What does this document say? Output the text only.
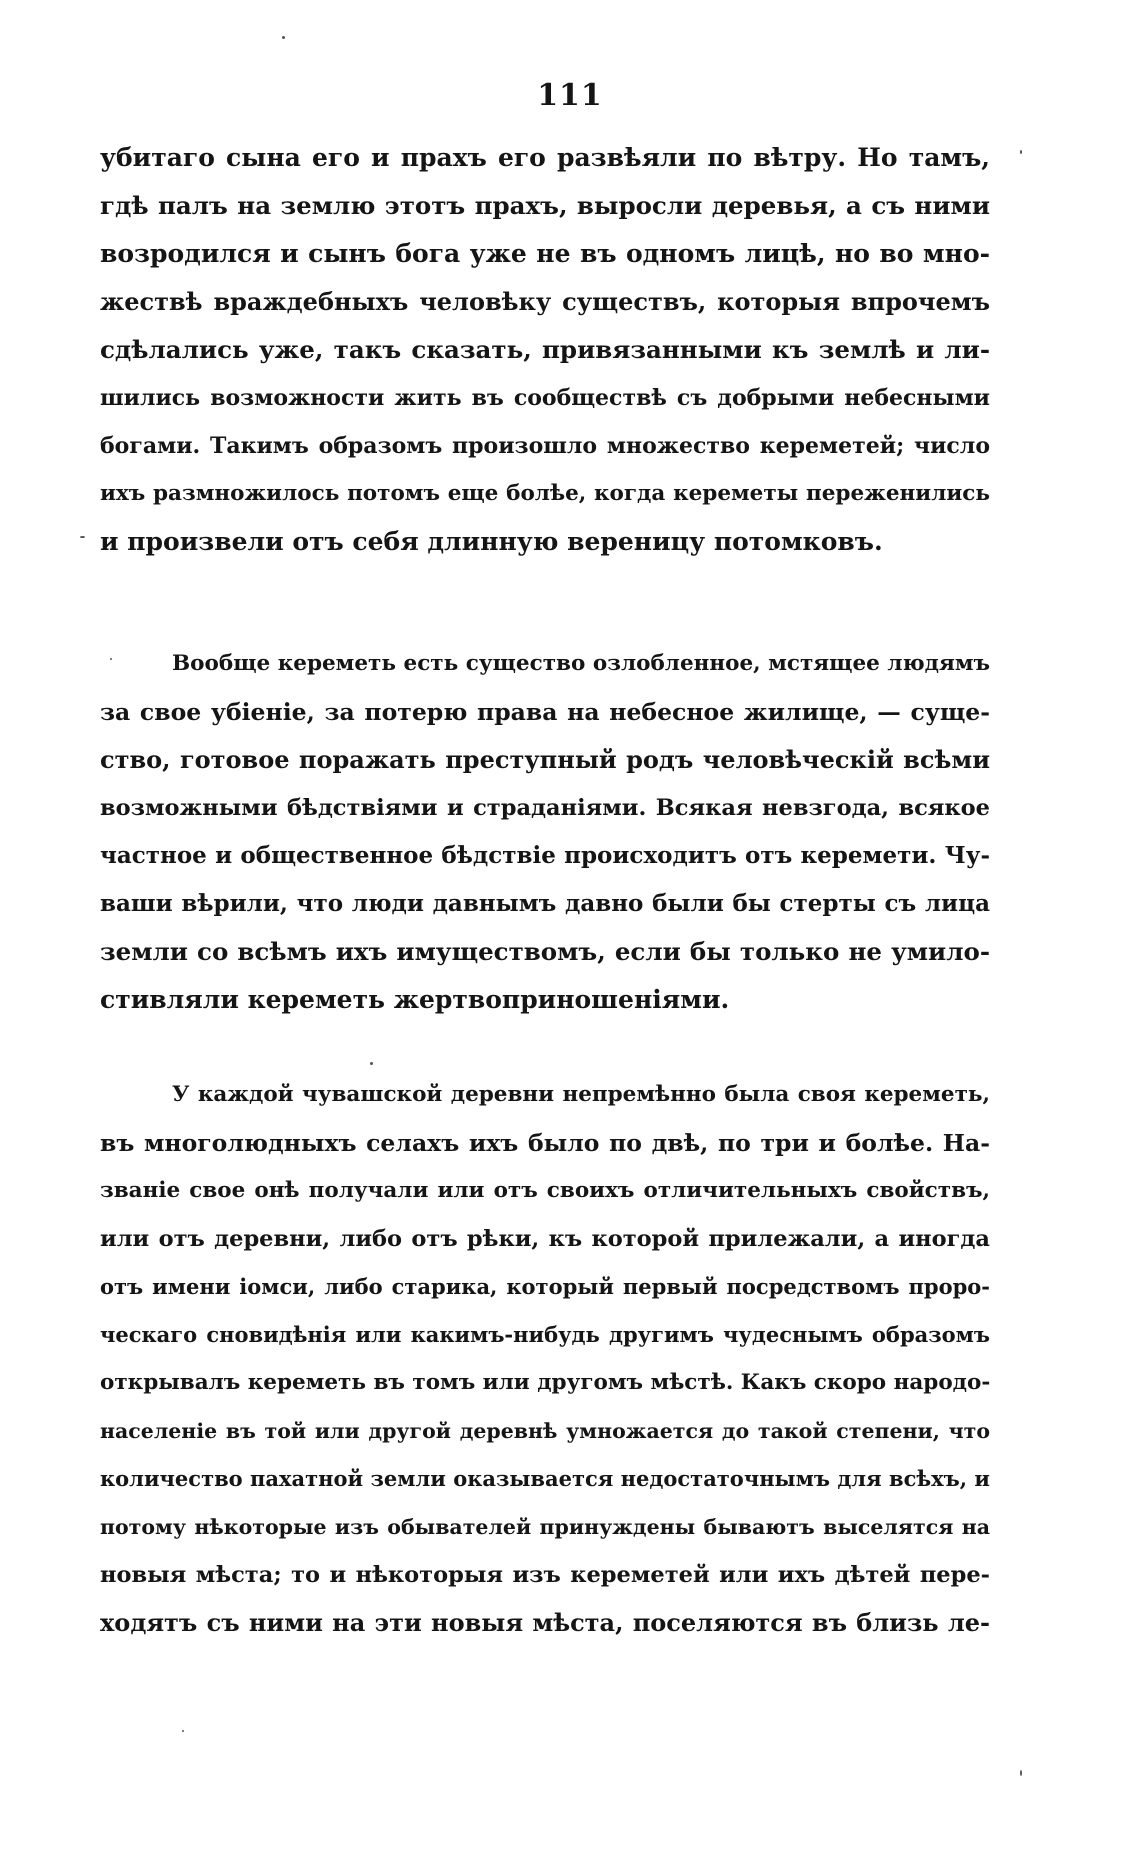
111
убитаго сына его и прахъ его развѣяли по вѣтру. Но тамъ,
гдѣ палъ на землю этотъ прахъ, выросли деревья, а съ ними
возродился и сынъ бога уже не въ одномъ лицѣ, но во мно-
жествѣ враждебныхъ человѣку существъ, которыя впрочемъ
сдѣлались уже, такъ сказать, привязанными къ землѣ и ли-
шились возможности жить въ сообществѣ съ добрыми небесными
богами. Такимъ образомъ произошло множество кереметей; число
ихъ размножилось потомъ еще болѣе, когда кереметы переженились
и произвели отъ себя длинную вереницу потомковъ.
Вообще кереметь есть существо озлобленное, мстящее людямъ
за свое убіеніе, за потерю права на небесное жилище, — суще-
ство, готовое поражать преступный родъ человѣческій всѣми
возможными бѣдствіями и страданіями. Всякая невзгода, всякое
частное и общественное бѣдствіе происходитъ отъ керемети. Чу-
ваши вѣрили, что люди давнымъ давно были бы стерты съ лица
земли со всѣмъ ихъ имуществомъ, если бы только не умило-
стивляли кереметь жертвоприношеніями.
У каждой чувашской деревни непремѣнно была своя кереметь,
въ многолюдныхъ селахъ ихъ было по двѣ, по три и болѣе. На-
званіе свое онѣ получали или отъ своихъ отличительныхъ свойствъ,
или отъ деревни, либо отъ рѣки, къ которой прилежали, а иногда
отъ имени іомси, либо старика, который первый посредствомъ проро-
ческаго сновидѣнія или какимъ-нибудь другимъ чудеснымъ образомъ
открывалъ кереметь въ томъ или другомъ мѣстѣ. Какъ скоро народо-
населеніе въ той или другой деревнѣ умножается до такой степени, что
количество пахатной земли оказывается недостаточнымъ для всѣхъ, и
потому нѣкоторые изъ обывателей принуждены бываютъ выселятся на
новыя мѣста; то и нѣкоторыя изъ кереметей или ихъ дѣтей пере-
ходятъ съ ними на эти новыя мѣста, поселяются въ близь ле-
